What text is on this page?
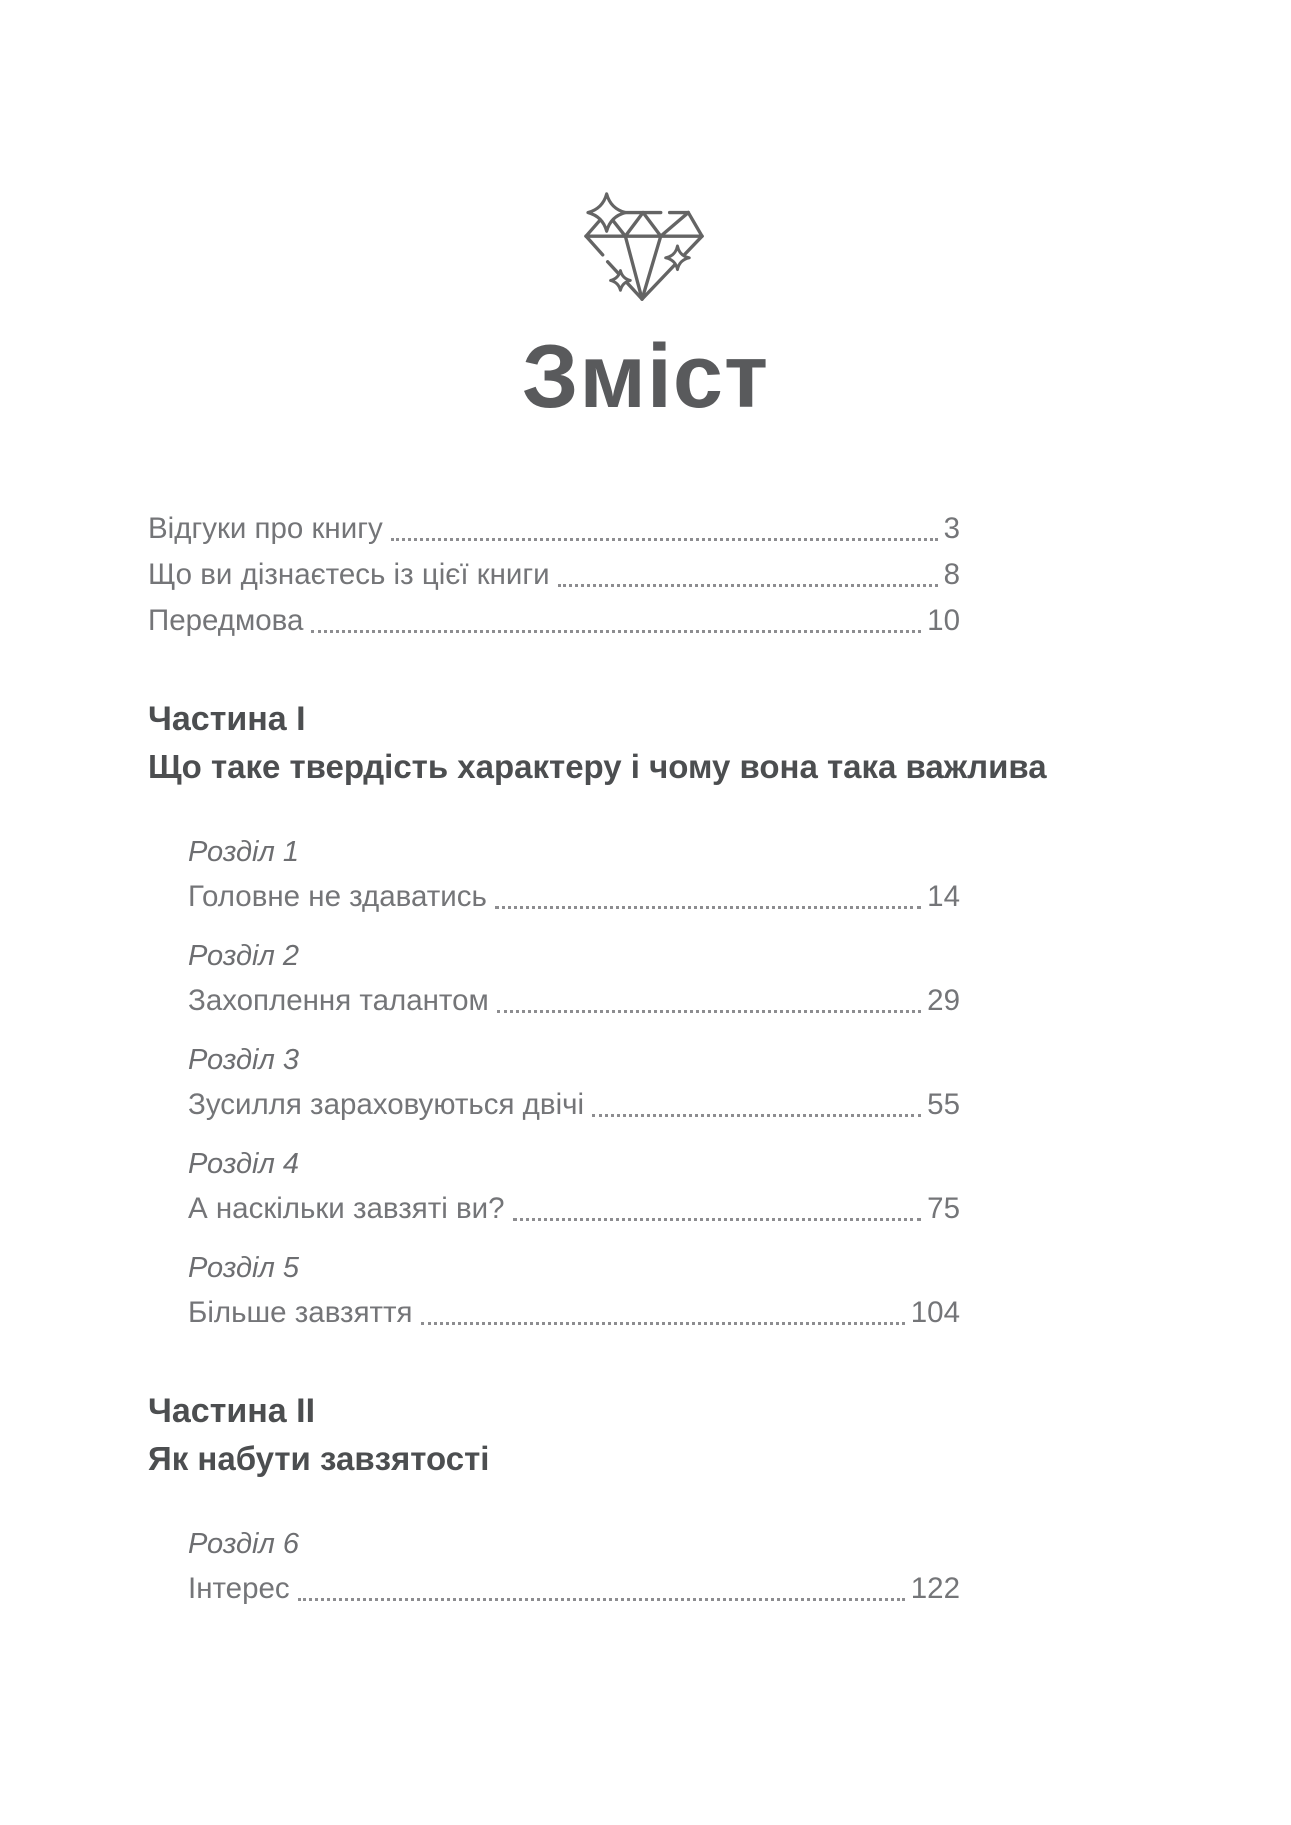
Зміст
Відгуки про книгу	3
Що ви дізнаєтесь із цієї книги	8
Передмова	10
Частина I
Що таке твердість характеру і чому вона така важлива
Розділ 1
Головне не здаватись	14
Розділ 2
Захоплення талантом	29
Розділ 3
Зусилля зараховуються двічі	55
Розділ 4
А наскільки завзяті ви?	75
Розділ 5
Більше завзяття	104
Частина II
Як набути завзятості
Розділ 6
Інтерес	122
